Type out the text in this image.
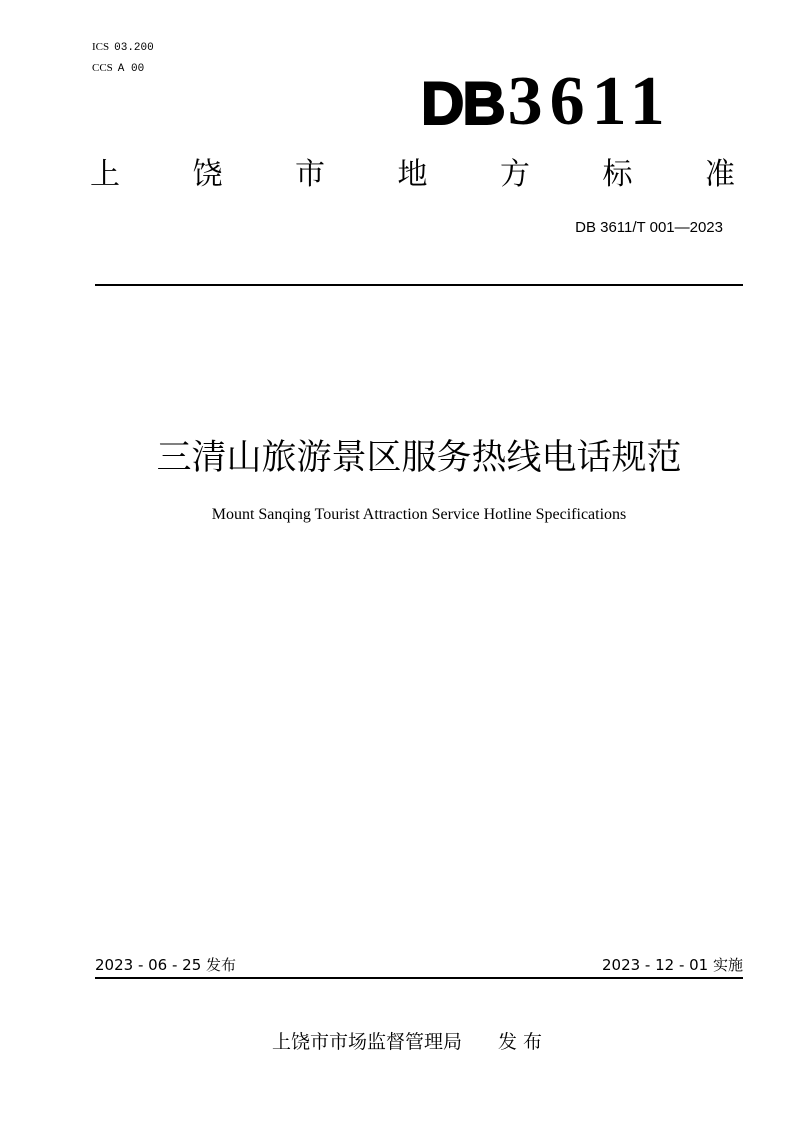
ICS 03.200
CCS A 00
DB3611
上 饶 市 地 方 标 准
DB 3611/T 001—2023
三清山旅游景区服务热线电话规范
Mount Sanqing Tourist Attraction Service Hotline Specifications
2023 - 06 - 25 发布	2023 - 12 - 01 实施
上饶市市场监督管理局 发 布
